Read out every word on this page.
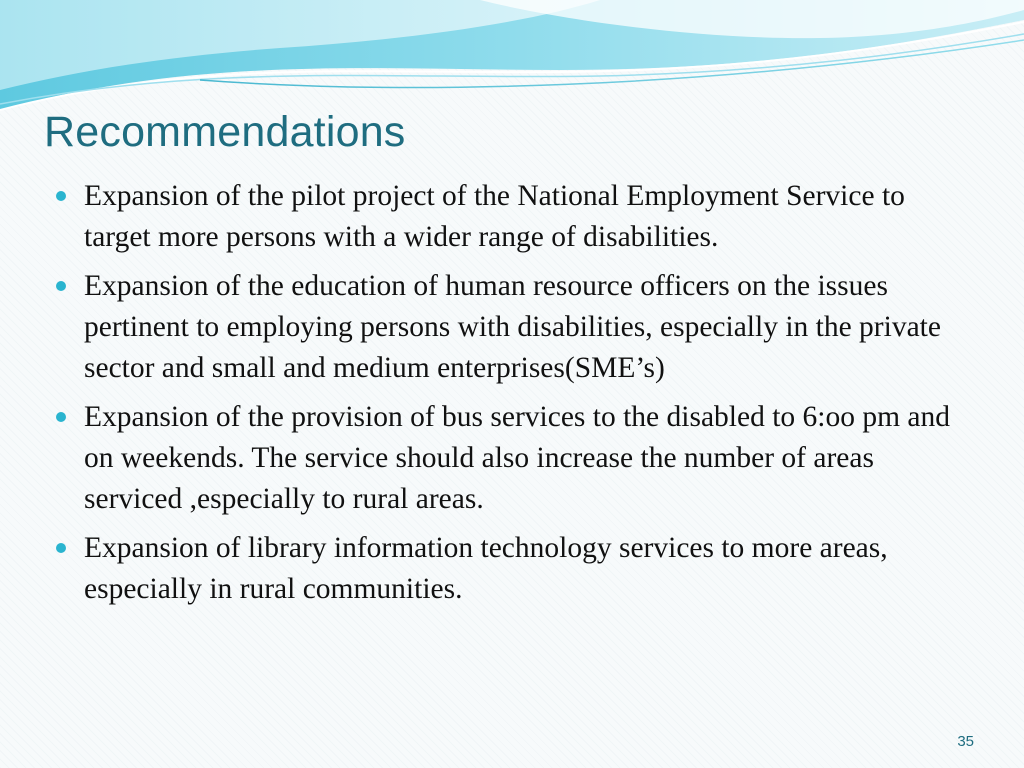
Recommendations
Expansion of the pilot project of the National Employment Service to target more persons with a wider range of disabilities.
Expansion of the education of human resource officers on the issues pertinent to employing persons with disabilities, especially in the private sector and small and medium enterprises(SME’s)
Expansion of the provision of bus services to the disabled to 6:oo pm and on weekends. The service should also increase the number of areas serviced ,especially to rural areas.
Expansion of library information technology services to more areas, especially in rural communities.
35
